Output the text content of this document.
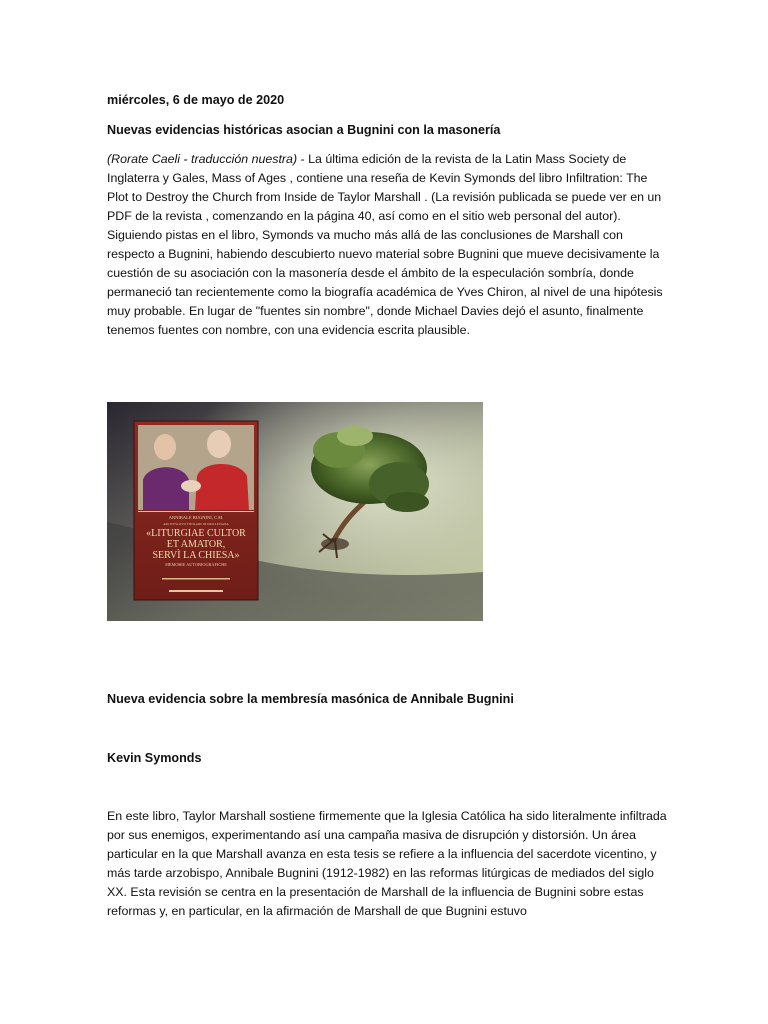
miércoles, 6 de mayo de 2020
Nuevas evidencias históricas asocian a Bugnini con la masonería

(Rorate Caeli - traducción nuestra) - La última edición de la revista de la Latin Mass Society de Inglaterra y Gales, Mass of Ages , contiene una reseña de Kevin Symonds del libro Infiltration: The Plot to Destroy the Church from Inside de Taylor Marshall . (La revisión publicada se puede ver en un PDF de la revista , comenzando en la página 40, así como en el sitio web personal del autor). Siguiendo pistas en el libro, Symonds va mucho más allá de las conclusiones de Marshall con respecto a Bugnini, habiendo descubierto nuevo material sobre Bugnini que mueve decisivamente la cuestión de su asociación con la masonería desde el ámbito de la especulación sombría, donde permaneció tan recientemente como la biografía académica de Yves Chiron, al nivel de una hipótesis muy probable. En lugar de "fuentes sin nombre", donde Michael Davies dejó el asunto, finalmente tenemos fuentes con nombre, con una evidencia escrita plausible.

ANNIBALE BUGNINI, C.M.
ARCIVESCOVO TITOLARE DI DIOCLEZIANA
«LITURGIAE CULTOR
ET AMATOR,
SERVÌ LA CHIESA»
MEMORIE AUTOBIOGRAFICHE
Nueva evidencia sobre la membresía masónica de Annibale Bugnini
Kevin Symonds

En este libro, Taylor Marshall sostiene firmemente que la Iglesia Católica ha sido literalmente infiltrada por sus enemigos, experimentando así una campaña masiva de disrupción y distorsión. Un área particular en la que Marshall avanza en esta tesis se refiere a la influencia del sacerdote vicentino, y más tarde arzobispo, Annibale Bugnini (1912-1982) en las reformas litúrgicas de mediados del siglo XX. Esta revisión se centra en la presentación de Marshall de la influencia de Bugnini sobre estas reformas y, en particular, en la afirmación de Marshall de que Bugnini estuvo
